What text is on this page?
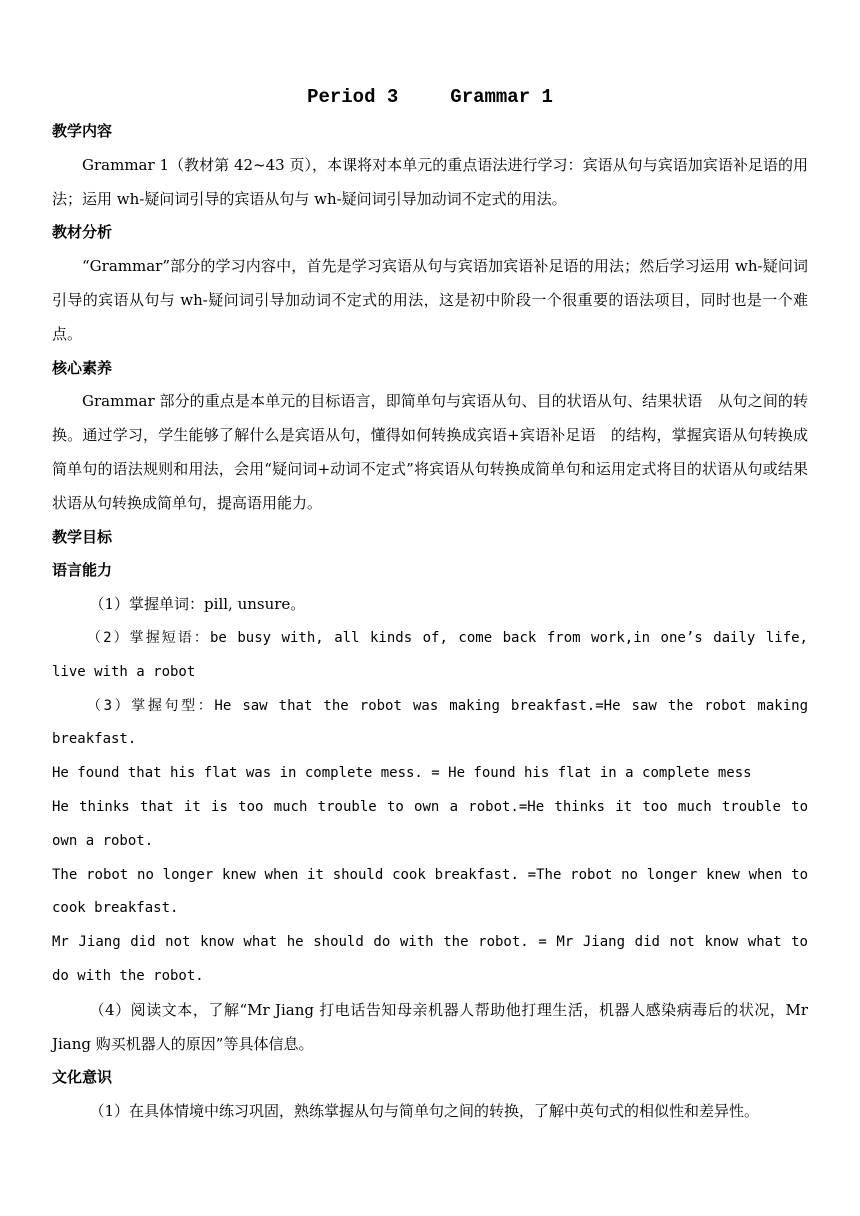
Period 3	Grammar 1

教学内容

Grammar 1（教材第 42~43 页），本课将对本单元的重点语法进行学习：宾语从句与宾语加宾语补足语的用法；运用 wh-疑问词引导的宾语从句与 wh-疑问词引导加动词不定式的用法。

教材分析

“Grammar”部分的学习内容中，首先是学习宾语从句与宾语加宾语补足语的用法；然后学习运用 wh-疑问词引导的宾语从句与 wh-疑问词引导加动词不定式的用法，这是初中阶段一个很重要的语法项目，同时也是一个难点。

核心素养

Grammar 部分的重点是本单元的目标语言，即简单句与宾语从句、目的状语从句、结果状语　从句之间的转换。通过学习，学生能够了解什么是宾语从句，懂得如何转换成宾语+宾语补足语　的结构，掌握宾语从句转换成简单句的语法规则和用法，会用“疑问词+动词不定式”将宾语从句转换成简单句和运用定式将目的状语从句或结果状语从句转换成简单句，提高语用能力。

教学目标

语言能力

（1）掌握单词：pill, unsure。

（2）掌握短语：be busy with, all kinds of, come back from work,in one’s daily life, live with a robot

（3）掌握句型：He saw that the robot was making breakfast.=He saw the robot making breakfast.

He found that his flat was in complete mess. = He found his flat in a complete mess

He thinks that it is too much trouble to own a robot.=He thinks it too much trouble to own a robot.

The robot no longer knew when it should cook breakfast. =The robot no longer knew when to cook breakfast.

Mr Jiang did not know what he should do with the robot. = Mr Jiang did not know what to do with the robot.

（4）阅读文本，了解“Mr Jiang 打电话告知母亲机器人帮助他打理生活，机器人感染病毒后的状况，Mr Jiang 购买机器人的原因”等具体信息。

文化意识

（1）在具体情境中练习巩固，熟练掌握从句与简单句之间的转换，了解中英句式的相似性和差异性。
